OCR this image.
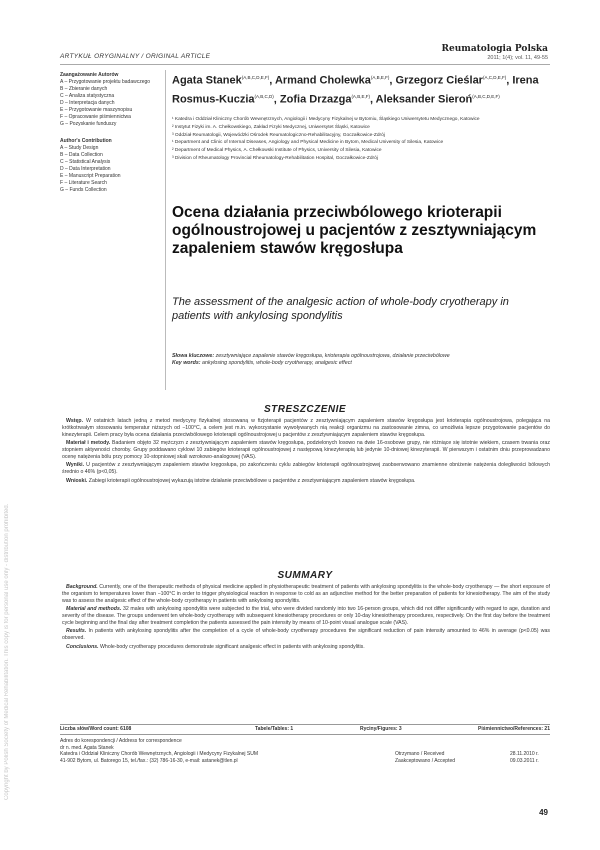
Copyright by Polish Society of Medical Rehabilitation. This copy is for personal use only - distribution prohibited.
ARTYKUŁ ORYGINALNY / ORIGINAL ARTICLE
Reumatologia Polska
2011; 1(4); vol. 11, 49-55
Zaangażowanie Autorów
A – Przygotowanie projektu badawczego
B – Zbieranie danych
C – Analiza statystyczna
D – Interpretacja danych
E – Przygotowanie maszynopisu
F – Opracowanie piśmiennictwa
G – Pozyskanie funduszy
Author's Contribution
A – Study Design
B – Data Collection
C – Statistical Analysis
D – Data Interpretation
E – Manuscript Preparation
F – Literature Search
G – Funds Collection
Agata Stanek$^{(A,B,C,D,E,F)}$, Armand Cholewka$^{(A,B,E,F)}$, Grzegorz Cieślar$^{(A,C,D,E,F)}$, Irena Rosmus-Kuczia$^{(A,B,C,D)}$, Zofia Drzazga$^{(A,B,E,F)}$, Aleksander Sieroń$^{(A,B,C,D,E,F)}$
¹ Katedra i Oddział Kliniczny Chorób Wewnętrznych, Angiologii i Medycyny Fizykalnej w Bytomiu, Śląskiego Uniwersytetu Medycznego, Katowice
² Instytut Fizyki im. A. Chełkowskiego, Zakład Fizyki Medycznej, Uniwersytet Śląski, Katowice
³ Oddział Reumatologii, Wojewódzki Ośrodek Reumatologiczno-Rehabilitacyjny, Goczałkowice-Zdrój
¹ Department and Clinic of Internal Diseases, Angiology and Physical Medicine in Bytom, Medical University of Silesia, Katowice
² Department of Medical Physics, A. Chełkowski Institute of Physics, University of Silesia, Katowice
³ Division of Rheumatology Provincial Rheumatology-Rehabilitation Hospital, Goczałkowice-Zdrój
Ocena działania przeciwbólowego krioterapii ogólnoustrojowej u pacjentów z zesztywniającym zapaleniem stawów kręgosłupa
The assessment of the analgesic action of whole-body cryotherapy in patients with ankylosing spondylitis
Słowa kluczowe: zesztywniające zapalenie stawów kręgosłupa, krioterapia ogólnoustrojowa, działanie przeciwbólowe
Key words: ankylosing spondylitis, whole-body cryotherapy, analgesic effect
STRESZCZENIE

Wstęp. W ostatnich latach jedną z metod medycyny fizykalnej stosowaną w fizjoterapii pacjentów z zesztywniającym zapaleniem stawów kręgosłupa jest krioterapia ogólnoustrojowa, polegająca na krótkotrwałym stosowaniu temperatur niższych od −100°C, a celem jest m.in. wykorzystanie wywoływanych nią reakcji organizmu na zastosowanie zimna, co umożliwia lepsze przygotowanie pacjentów do kinezyterapii. Celem pracy była ocena działania przeciwbólowego krioterapii ogólnoustrojowej u pacjentów z zesztywniającym zapaleniem stawów kręgosłupa.

Materiał i metody. Badaniem objęto 32 mężczyzn z zesztywniającym zapaleniem stawów kręgosłupa, podzielonych losowo na dwie 16-osobowe grupy, nie różniące się istotnie wiekiem, czasem trwania oraz stopniem aktywności choroby. Grupy poddawano cyklowi 10 zabiegów krioterapii ogólnoustrojowej z następową kinezyterapią lub jedynie 10-dniowej kinezyterapii. W pierwszym i ostatnim dniu przeprowadzano ocenę natężenia bólu przy pomocy 10-stopniowej skali wzrokowo-analogowej (VAS).

Wyniki. U pacjentów z zesztywniającym zapaleniem stawów kręgosłupa, po zakończeniu cyklu zabiegów krioterapii ogólnoustrojowej zaobserwowano znamienne obniżenie natężenia dolegliwości bólowych średnio o 46% (p<0,05).

Wnioski. Zabiegi krioterapii ogólnoustrojowej wykazują istotne działanie przeciwbólowe u pacjentów z zesztywniającym zapaleniem stawów kręgosłupa.

SUMMARY

Background. Currently, one of the therapeutic methods of physical medicine applied in physiotherapeutic treatment of patients with ankylosing spondylitis is the whole-body cryotherapy — the short exposure of the organism to temperatures lower than −100°C in order to trigger physiological reaction in response to cold as an adjunctive method for the better preparation of patients for kinesiotherapy. The aim of the study was to assess the analgesic effect of the whole-body cryotherapy in patients with ankylosing spondylitis.

Material and methods. 32 males with ankylosing spondylitis were subjected to the trial, who were divided randomly into two 16-person groups, which did not differ significantly with regard to age, duration and severity of the disease. The groups underwent ten whole-body cryotherapy with subsequent kinesiotherapy procedures or only 10-day kinesiotherapy procedures, respectively. On the first day before the treatment cycle beginning and the final day after treatment completion the patients assessed the pain intensity by means of 10-point visual analogue scale (VAS).

Results. In patients with ankylosing spondylitis after the completion of a cycle of whole-body cryotherapy procedures the significant reduction of pain intensity amounted to 46% in average (p<0.05) was observed.

Conclusions. Whole-body cryotherapy procedures demonstrate significant analgesic effect in patients with ankylosing spondylitis.

Liczba słów/Word count: 6108	Tabele/Tables: 1	Ryciny/Figures: 3	Piśmiennictwo/References: 21
Adres do korespondencji / Address for correspondence
dr n. med. Agata Stanek
Katedra i Oddział Kliniczny Chorób Wewnętrznych, Angiologii i Medycyny Fizykalnej SUM
41-902 Bytom, ul. Batorego 15, tel./fax.: (32) 786-16-30, e-mail: astanek@tlen.pl
Otrzymano / Received	28.11.2010 r.
Zaakceptowano / Accepted	09.03.2011 r.
49
